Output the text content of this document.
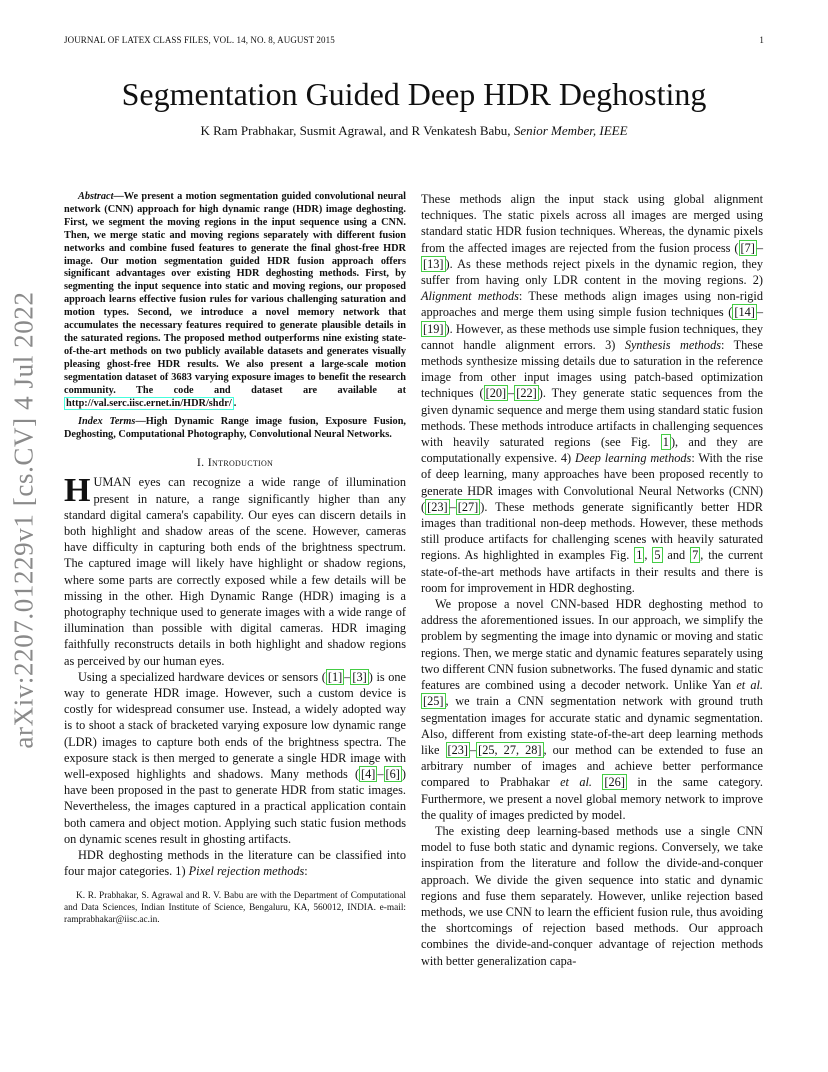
JOURNAL OF LATEX CLASS FILES, VOL. 14, NO. 8, AUGUST 2015	1
arXiv:2207.01229v1 [cs.CV] 4 Jul 2022
Segmentation Guided Deep HDR Deghosting
K Ram Prabhakar, Susmit Agrawal, and R Venkatesh Babu, Senior Member, IEEE

Abstract—We present a motion segmentation guided convolutional neural network (CNN) approach for high dynamic range (HDR) image deghosting. First, we segment the moving regions in the input sequence using a CNN. Then, we merge static and moving regions separately with different fusion networks and combine fused features to generate the final ghost-free HDR image. Our motion segmentation guided HDR fusion approach offers significant advantages over existing HDR deghosting methods. First, by segmenting the input sequence into static and moving regions, our proposed approach learns effective fusion rules for various challenging saturation and motion types. Second, we introduce a novel memory network that accumulates the necessary features required to generate plausible details in the saturated regions. The proposed method outperforms nine existing state-of-the-art methods on two publicly available datasets and generates visually pleasing ghost-free HDR results. We also present a large-scale motion segmentation dataset of 3683 varying exposure images to benefit the research community. The code and dataset are available at http://val.serc.iisc.ernet.in/HDR/shdr/ .

Index Terms—High Dynamic Range image fusion, Exposure Fusion, Deghosting, Computational Photography, Convolutional Neural Networks.

I. Introduction

HUMAN eyes can recognize a wide range of illumination present in nature, a range significantly higher than any standard digital camera's capability. Our eyes can discern details in both highlight and shadow areas of the scene. However, cameras have difficulty in capturing both ends of the brightness spectrum. The captured image will likely have highlight or shadow regions, where some parts are correctly exposed while a few details will be missing in the other. High Dynamic Range (HDR) imaging is a photography technique used to generate images with a wide range of illumination than possible with digital cameras. HDR imaging faithfully reconstructs details in both highlight and shadow regions as perceived by our human eyes.

Using a specialized hardware devices or sensors ( [1] – [3] ) is one way to generate HDR image. However, such a custom device is costly for widespread consumer use. Instead, a widely adopted way is to shoot a stack of bracketed varying exposure low dynamic range (LDR) images to capture both ends of the brightness spectra. The exposure stack is then merged to generate a single HDR image with well-exposed highlights and shadows. Many methods ( [4] – [6] ) have been proposed in the past to generate HDR from static images. Nevertheless, the images captured in a practical application contain both camera and object motion. Applying such static fusion methods on dynamic scenes result in ghosting artifacts.

HDR deghosting methods in the literature can be classified into four major categories. 1) Pixel rejection methods:

K. R. Prabhakar, S. Agrawal and R. V. Babu are with the Department of Computational and Data Sciences, Indian Institute of Science, Bengaluru, KA, 560012, INDIA. e-mail: ramprabhakar@iisc.ac.in.

These methods align the input stack using global alignment techniques. The static pixels across all images are merged using standard static HDR fusion techniques. Whereas, the dynamic pixels from the affected images are rejected from the fusion process ( [7] –[13] ). As these methods reject pixels in the dynamic region, they suffer from having only LDR content in the moving regions. 2) Alignment methods: These methods align images using non-rigid approaches and merge them using simple fusion techniques ( [14] –[19] ). However, as these methods use simple fusion techniques, they cannot handle alignment errors. 3) Synthesis methods: These methods synthesize missing details due to saturation in the reference image from other input images using patch-based optimization techniques ( [20] – [22] ). They generate static sequences from the given dynamic sequence and merge them using standard static fusion methods. These methods introduce artifacts in challenging sequences with heavily saturated regions (see Fig. 1 ), and they are computationally expensive. 4) Deep learning methods: With the rise of deep learning, many approaches have been proposed recently to generate HDR images with Convolutional Neural Networks (CNN) ( [23] – [27] ). These methods generate significantly better HDR images than traditional non-deep methods. However, these methods still produce artifacts for challenging scenes with heavily saturated regions. As highlighted in examples Fig. 1 , 5 and 7 , the current state-of-the-art methods have artifacts in their results and there is room for improvement in HDR deghosting.

We propose a novel CNN-based HDR deghosting method to address the aforementioned issues. In our approach, we simplify the problem by segmenting the image into dynamic or moving and static regions. Then, we merge static and dynamic features separately using two different CNN fusion subnetworks. The fused dynamic and static features are combined using a decoder network. Unlike Yan et al. [25] , we train a CNN segmentation network with ground truth segmentation images for accurate static and dynamic segmentation. Also, different from existing state-of-the-art deep learning methods like [23] – [25, 27, 28] , our method can be extended to fuse an arbitrary number of images and achieve better performance compared to Prabhakar et al. [26] in the same category. Furthermore, we present a novel global memory network to improve the quality of images predicted by model.

The existing deep learning-based methods use a single CNN model to fuse both static and dynamic regions. Conversely, we take inspiration from the literature and follow the divide-and-conquer approach. We divide the given sequence into static and dynamic regions and fuse them separately. However, unlike rejection based methods, we use CNN to learn the efficient fusion rule, thus avoiding the shortcomings of rejection based methods. Our approach combines the divide-and-conquer advantage of rejection methods with better generalization capa-
